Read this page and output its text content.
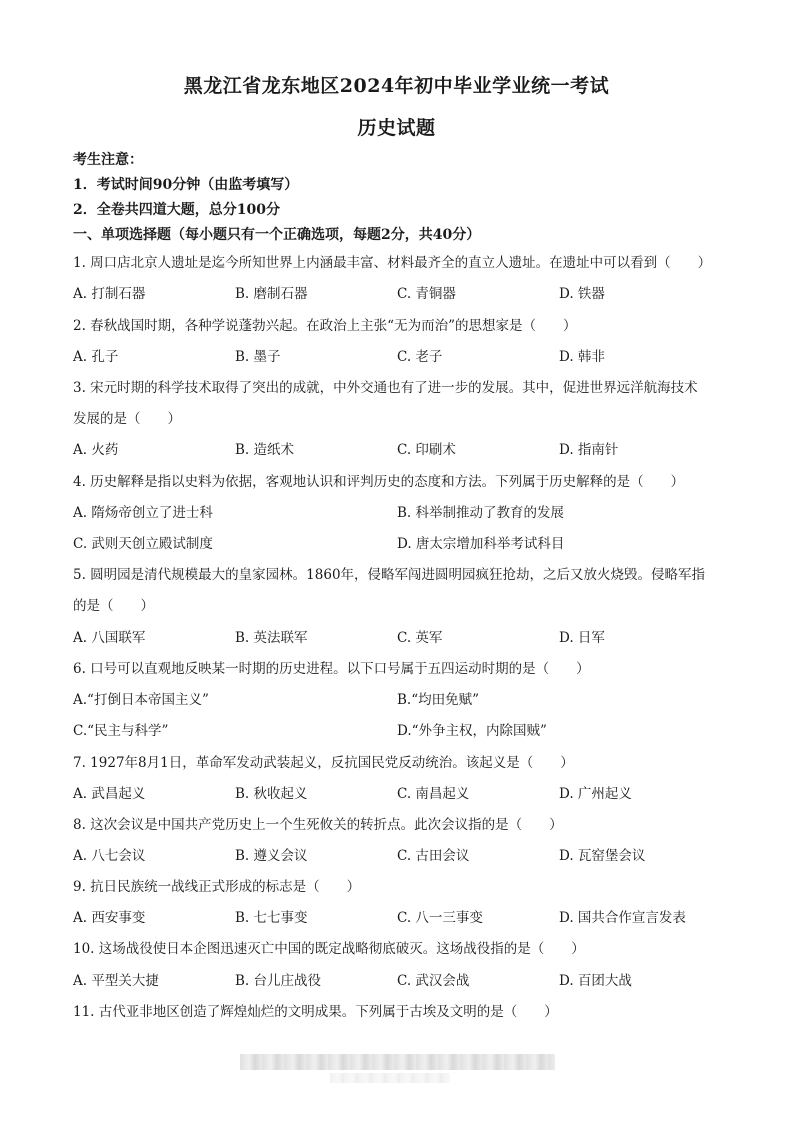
黑龙江省龙东地区2024年初中毕业学业统一考试
历史试题
考生注意：
1．考试时间90分钟（由监考填写）
2．全卷共四道大题，总分100分
一、单项选择题（每小题只有一个正确选项，每题2分，共40分）
1. 周口店北京人遗址是迄今所知世界上内涵最丰富、材料最齐全的直立人遗址。在遗址中可以看到（　　）
A. 打制石器	B. 磨制石器	C. 青铜器	D. 铁器
2. 春秋战国时期，各种学说蓬勃兴起。在政治上主张“无为而治”的思想家是（　　）
A. 孔子	B. 墨子	C. 老子	D. 韩非
3. 宋元时期的科学技术取得了突出的成就，中外交通也有了进一步的发展。其中，促进世界远洋航海技术
发展的是（　　）
A. 火药	B. 造纸术	C. 印刷术	D. 指南针
4. 历史解释是指以史料为依据，客观地认识和评判历史的态度和方法。下列属于历史解释的是（　　）
A. 隋炀帝创立了进士科	B. 科举制推动了教育的发展
C. 武则天创立殿试制度	D. 唐太宗增加科举考试科目
5. 圆明园是清代规模最大的皇家园林。1860年，侵略军闯进圆明园疯狂抢劫，之后又放火烧毁。侵略军指
的是（　　）
A. 八国联军	B. 英法联军	C. 英军	D. 日军
6. 口号可以直观地反映某一时期的历史进程。以下口号属于五四运动时期的是（　　）
A.“打倒日本帝国主义”	B.“均田免赋”
C.“民主与科学”	D.“外争主权，内除国贼”
7. 1927年8月1日，革命军发动武装起义，反抗国民党反动统治。该起义是（　　）
A. 武昌起义	B. 秋收起义	C. 南昌起义	D. 广州起义
8. 这次会议是中国共产党历史上一个生死攸关的转折点。此次会议指的是（　　）
A. 八七会议	B. 遵义会议	C. 古田会议	D. 瓦窑堡会议
9. 抗日民族统一战线正式形成的标志是（　　）
A. 西安事变	B. 七七事变	C. 八一三事变	D. 国共合作宣言发表
10. 这场战役使日本企图迅速灭亡中国的既定战略彻底破灭。这场战役指的是（　　）
A. 平型关大捷	B. 台儿庄战役	C. 武汉会战	D. 百团大战
11. 古代亚非地区创造了辉煌灿烂的文明成果。下列属于古埃及文明的是（　　）
